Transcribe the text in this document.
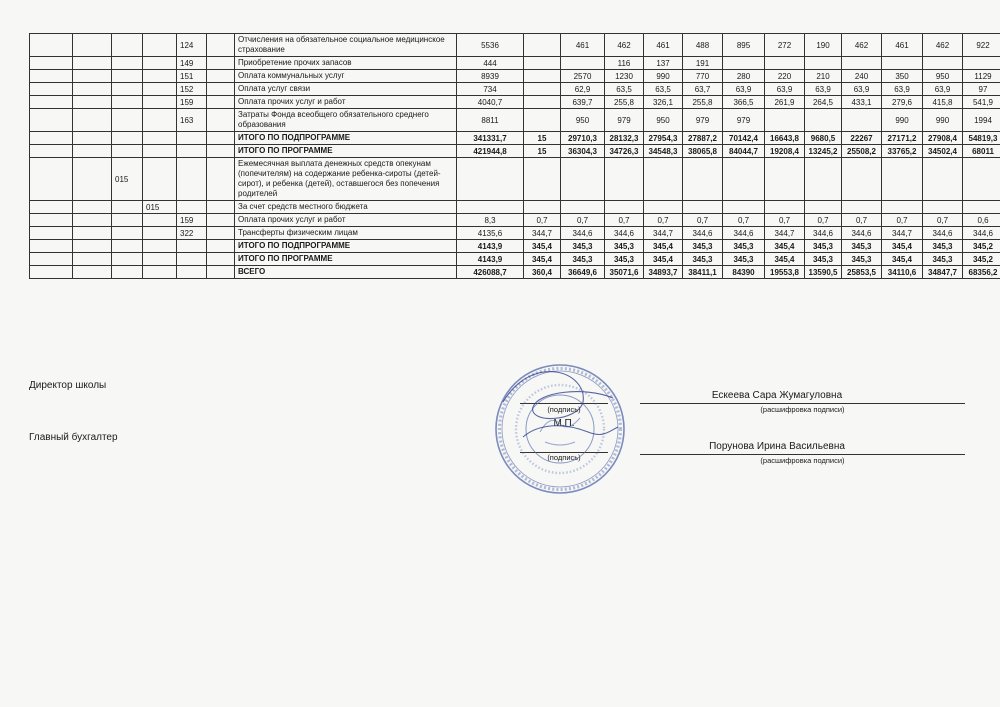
				124		Отчисления на обязательное социальное медицинское страхование	5536		461	462	461	488	895	272	190	462	461	462	922
				149		Приобретение прочих запасов	444			116	137	191							
				151		Оплата коммунальных услуг	8939		2570	1230	990	770	280	220	210	240	350	950	1129
				152		Оплата услуг связи	734		62,9	63,5	63,5	63,7	63,9	63,9	63,9	63,9	63,9	63,9	97
				159		Оплата прочих услуг и работ	4040,7		639,7	255,8	326,1	255,8	366,5	261,9	264,5	433,1	279,6	415,8	541,9
				163		Затраты Фонда всеобщего обязательного среднего образования	8811		950	979	950	979	979				990	990	1994
						ИТОГО ПО ПОДПРОГРАММЕ	341331,7	15	29710,3	28132,3	27954,3	27887,2	70142,4	16643,8	9680,5	22267	27171,2	27908,4	54819,3
						ИТОГО ПО ПРОГРАММЕ	421944,8	15	36304,3	34726,3	34548,3	38065,8	84044,7	19208,4	13245,2	25508,2	33765,2	34502,4	68011
		015				Ежемесячная выплата денежных средств опекунам (попечителям) на содержание ребенка-сироты (детей-сирот), и ребенка (детей), оставшегося без попечения родителей													
			015			За счет средств местного бюджета													
				159		Оплата прочих услуг и работ	8,3	0,7	0,7	0,7	0,7	0,7	0,7	0,7	0,7	0,7	0,7	0,7	0,6
				322		Трансферты физическим лицам	4135,6	344,7	344,6	344,6	344,7	344,6	344,6	344,7	344,6	344,6	344,7	344,6	344,6
						ИТОГО ПО ПОДПРОГРАММЕ	4143,9	345,4	345,3	345,3	345,4	345,3	345,3	345,4	345,3	345,3	345,4	345,3	345,2
						ИТОГО ПО ПРОГРАММЕ	4143,9	345,4	345,3	345,3	345,4	345,3	345,3	345,4	345,3	345,3	345,4	345,3	345,2
						ВСЕГО	426088,7	360,4	36649,6	35071,6	34893,7	38411,1	84390	19553,8	13590,5	25853,5	34110,6	34847,7	68356,2
Директор школы
Ескеева Сара Жумагуловна
(расшифровка подписи)
(подпись)
М.П.
Главный бухгалтер
Порунова Ирина Васильевна
(расшифровка подписи)
(подпись)
